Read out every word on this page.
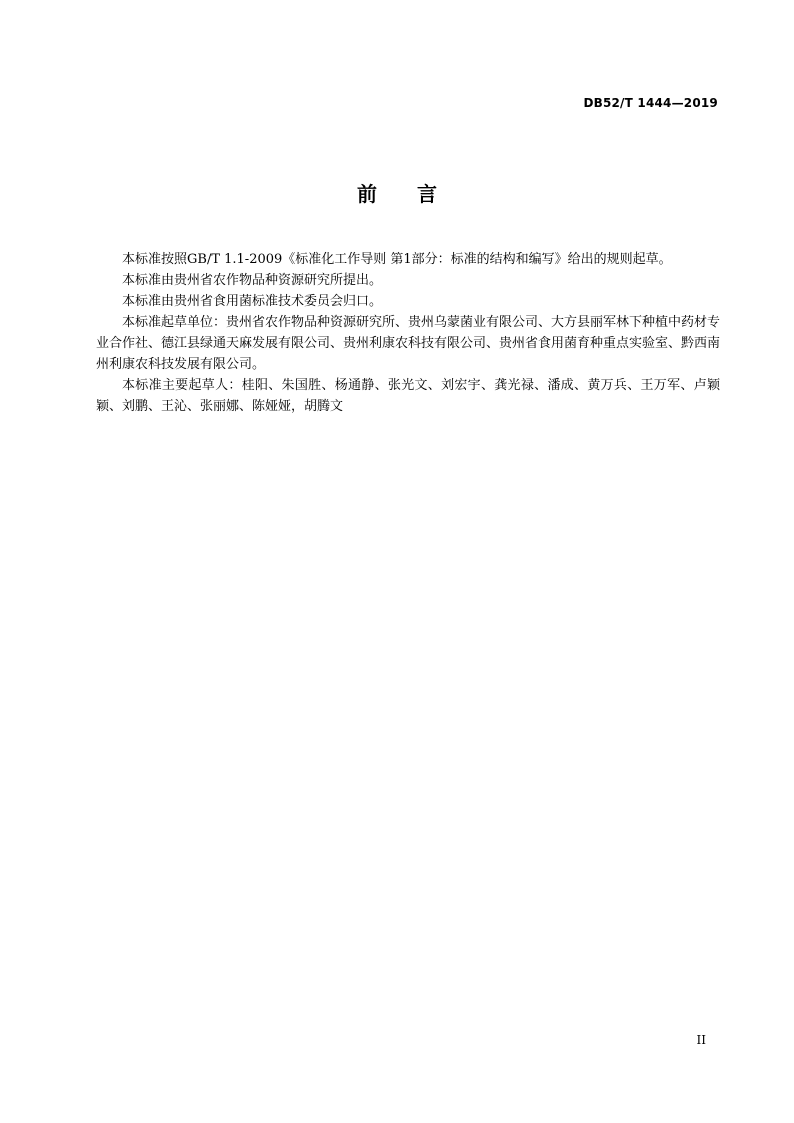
DB52/T 1444—2019
前　　言

本标准按照GB/T 1.1-2009《标准化工作导则 第1部分：标准的结构和编写》给出的规则起草。

本标准由贵州省农作物品种资源研究所提出。

本标准由贵州省食用菌标准技术委员会归口。

本标准起草单位：贵州省农作物品种资源研究所、贵州乌蒙菌业有限公司、大方县丽军林下种植中药材专业合作社、德江县绿通天麻发展有限公司、贵州利康农科技有限公司、贵州省食用菌育种重点实验室、黔西南州利康农科技发展有限公司。

本标准主要起草人：桂阳、朱国胜、杨通静、张光文、刘宏宇、龚光禄、潘成、黄万兵、王万军、卢颖颖、刘鹏、王沁、张丽娜、陈娅娅，胡腾文

II
